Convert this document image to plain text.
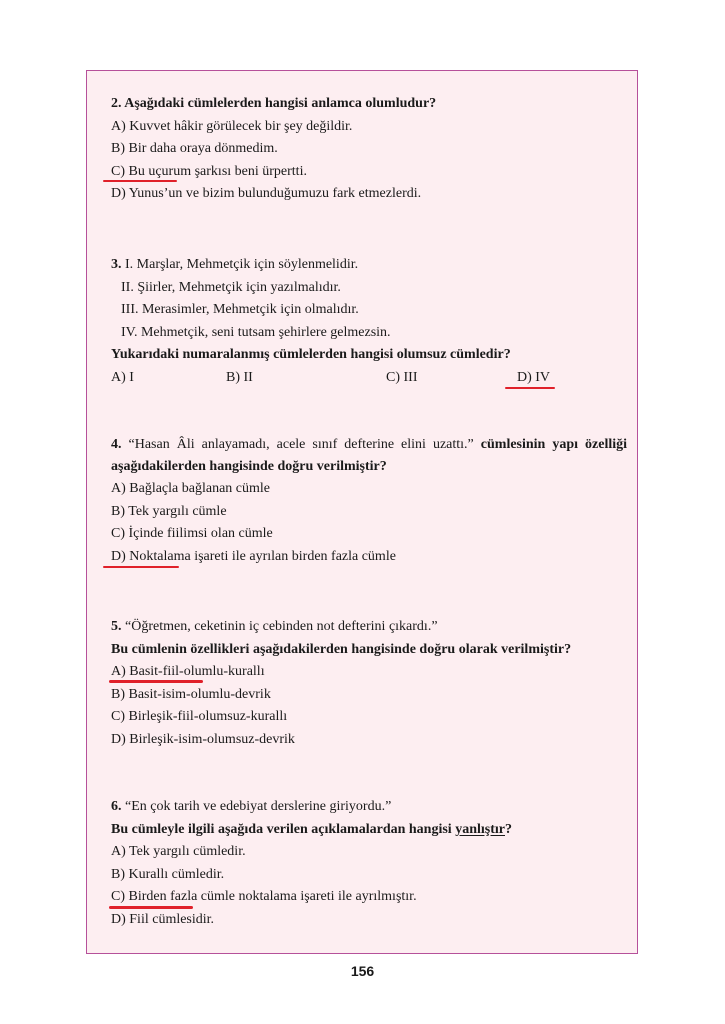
2. Aşağıdaki cümlelerden hangisi anlamca olumludur?
A) Kuvvet hâkir görülecek bir şey değildir.
B) Bir daha oraya dönmedim.
C) Bu uçurum şarkısı beni ürpertti.
D) Yunus’un ve bizim bulunduğumuzu fark etmezlerdi.
3. I. Marşlar, Mehmetçik için söylenmelidir.
II. Şiirler, Mehmetçik için yazılmalıdır.
III. Merasimler, Mehmetçik için olmalıdır.
IV. Mehmetçik, seni tutsam şehirlere gelmezsin.
Yukarıdaki numaralanmış cümlelerden hangisi olumsuz cümledir?
A) I	B) II	C) III	D) IV
4. “Hasan Âli anlayamadı, acele sınıf defterine elini uzattı.” cümlesinin yapı özelliği aşağıdakilerden hangisinde doğru verilmiştir?
A) Bağlaçla bağlanan cümle
B) Tek yargılı cümle
C) İçinde fiilimsi olan cümle
D) Noktalama işareti ile ayrılan birden fazla cümle
5. “Öğretmen, ceketinin iç cebinden not defterini çıkardı.”
Bu cümlenin özellikleri aşağıdakilerden hangisinde doğru olarak verilmiştir?
A) Basit-fiil-olumlu-kurallı
B) Basit-isim-olumlu-devrik
C) Birleşik-fiil-olumsuz-kurallı
D) Birleşik-isim-olumsuz-devrik
6. “En çok tarih ve edebiyat derslerine giriyordu.”
Bu cümleyle ilgili aşağıda verilen açıklamalardan hangisi yanlıştır?
A) Tek yargılı cümledir.
B) Kurallı cümledir.
C) Birden fazla cümle noktalama işareti ile ayrılmıştır.
D) Fiil cümlesidir.
156
